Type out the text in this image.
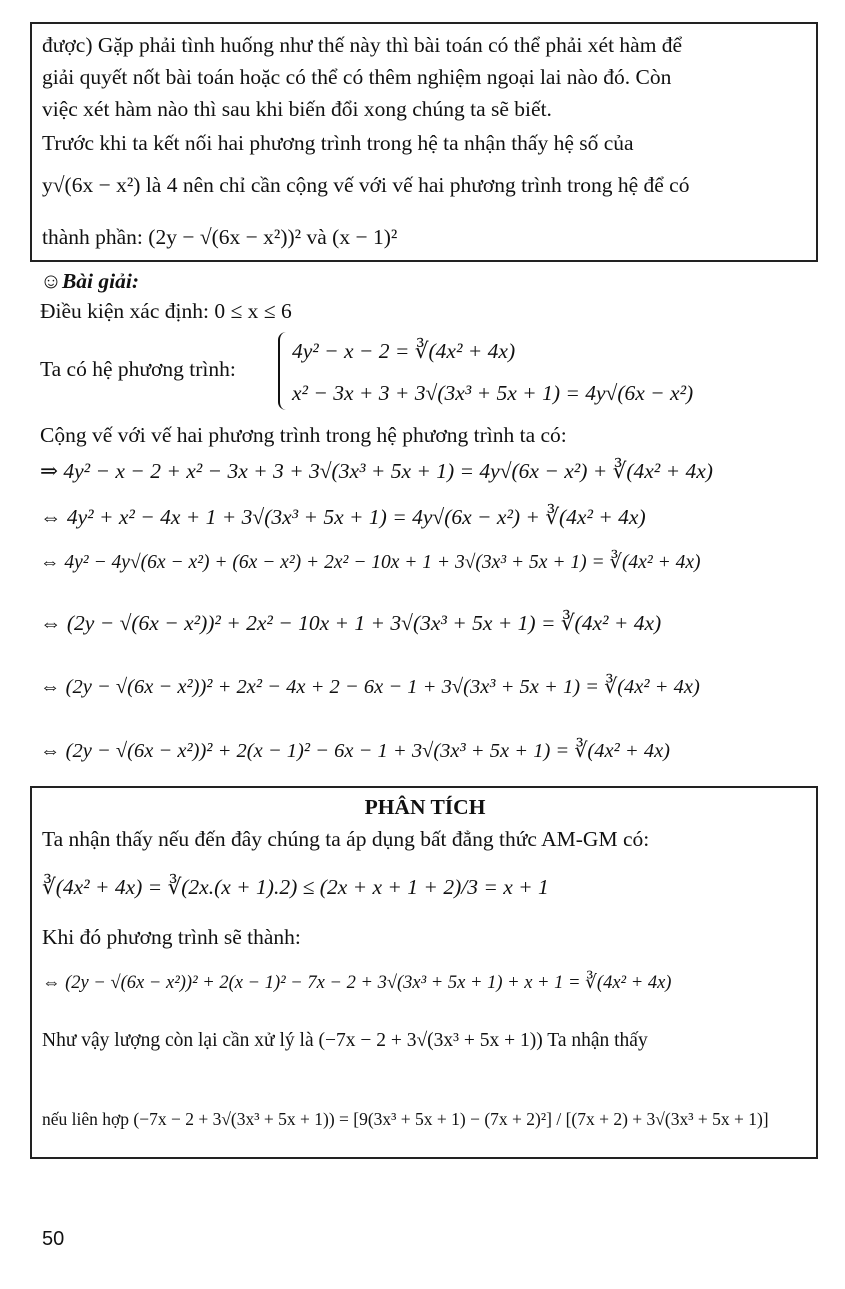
được) Gặp phải tình huống như thế này thì bài toán có thể phải xét hàm để
giải quyết nốt bài toán hoặc có thể có thêm nghiệm ngoại lai nào đó. Còn
việc xét hàm nào thì sau khi biến đổi xong chúng ta sẽ biết.
Trước khi ta kết nối hai phương trình trong hệ ta nhận thấy hệ số của
y√(6x − x²) là 4 nên chỉ cần cộng vế với vế hai phương trình trong hệ để có
thành phần: (2y − √(6x − x²))² và (x − 1)²
☺Bài giải:
Điều kiện xác định: 0 ≤ x ≤ 6
Ta có hệ phương trình:
4y² − x − 2 = ∛(4x² + 4x)
x² − 3x + 3 + 3√(3x³ + 5x + 1) = 4y√(6x − x²)
Cộng vế với vế hai phương trình trong hệ phương trình ta có:
⇒ 4y² − x − 2 + x² − 3x + 3 + 3√(3x³ + 5x + 1) = 4y√(6x − x²) + ∛(4x² + 4x)
⇔ 4y² + x² − 4x + 1 + 3√(3x³ + 5x + 1) = 4y√(6x − x²) + ∛(4x² + 4x)
⇔ 4y² − 4y√(6x − x²) + (6x − x²) + 2x² − 10x + 1 + 3√(3x³ + 5x + 1) = ∛(4x² + 4x)
⇔ (2y − √(6x − x²))² + 2x² − 10x + 1 + 3√(3x³ + 5x + 1) = ∛(4x² + 4x)
⇔ (2y − √(6x − x²))² + 2x² − 4x + 2 − 6x − 1 + 3√(3x³ + 5x + 1) = ∛(4x² + 4x)
⇔ (2y − √(6x − x²))² + 2(x − 1)² − 6x − 1 + 3√(3x³ + 5x + 1) = ∛(4x² + 4x)
PHÂN TÍCH
Ta nhận thấy nếu đến đây chúng ta áp dụng bất đẳng thức AM-GM có:
∛(4x² + 4x) = ∛(2x.(x + 1).2) ≤ (2x + x + 1 + 2)/3 = x + 1
Khi đó phương trình sẽ thành:
⇔ (2y − √(6x − x²))² + 2(x − 1)² − 7x − 2 + 3√(3x³ + 5x + 1) + x + 1 = ∛(4x² + 4x)
Như vậy lượng còn lại cần xử lý là (−7x − 2 + 3√(3x³ + 5x + 1)) Ta nhận thấy
nếu liên hợp (−7x − 2 + 3√(3x³ + 5x + 1)) = [9(3x³ + 5x + 1) − (7x + 2)²] / [(7x + 2) + 3√(3x³ + 5x + 1)]
50
